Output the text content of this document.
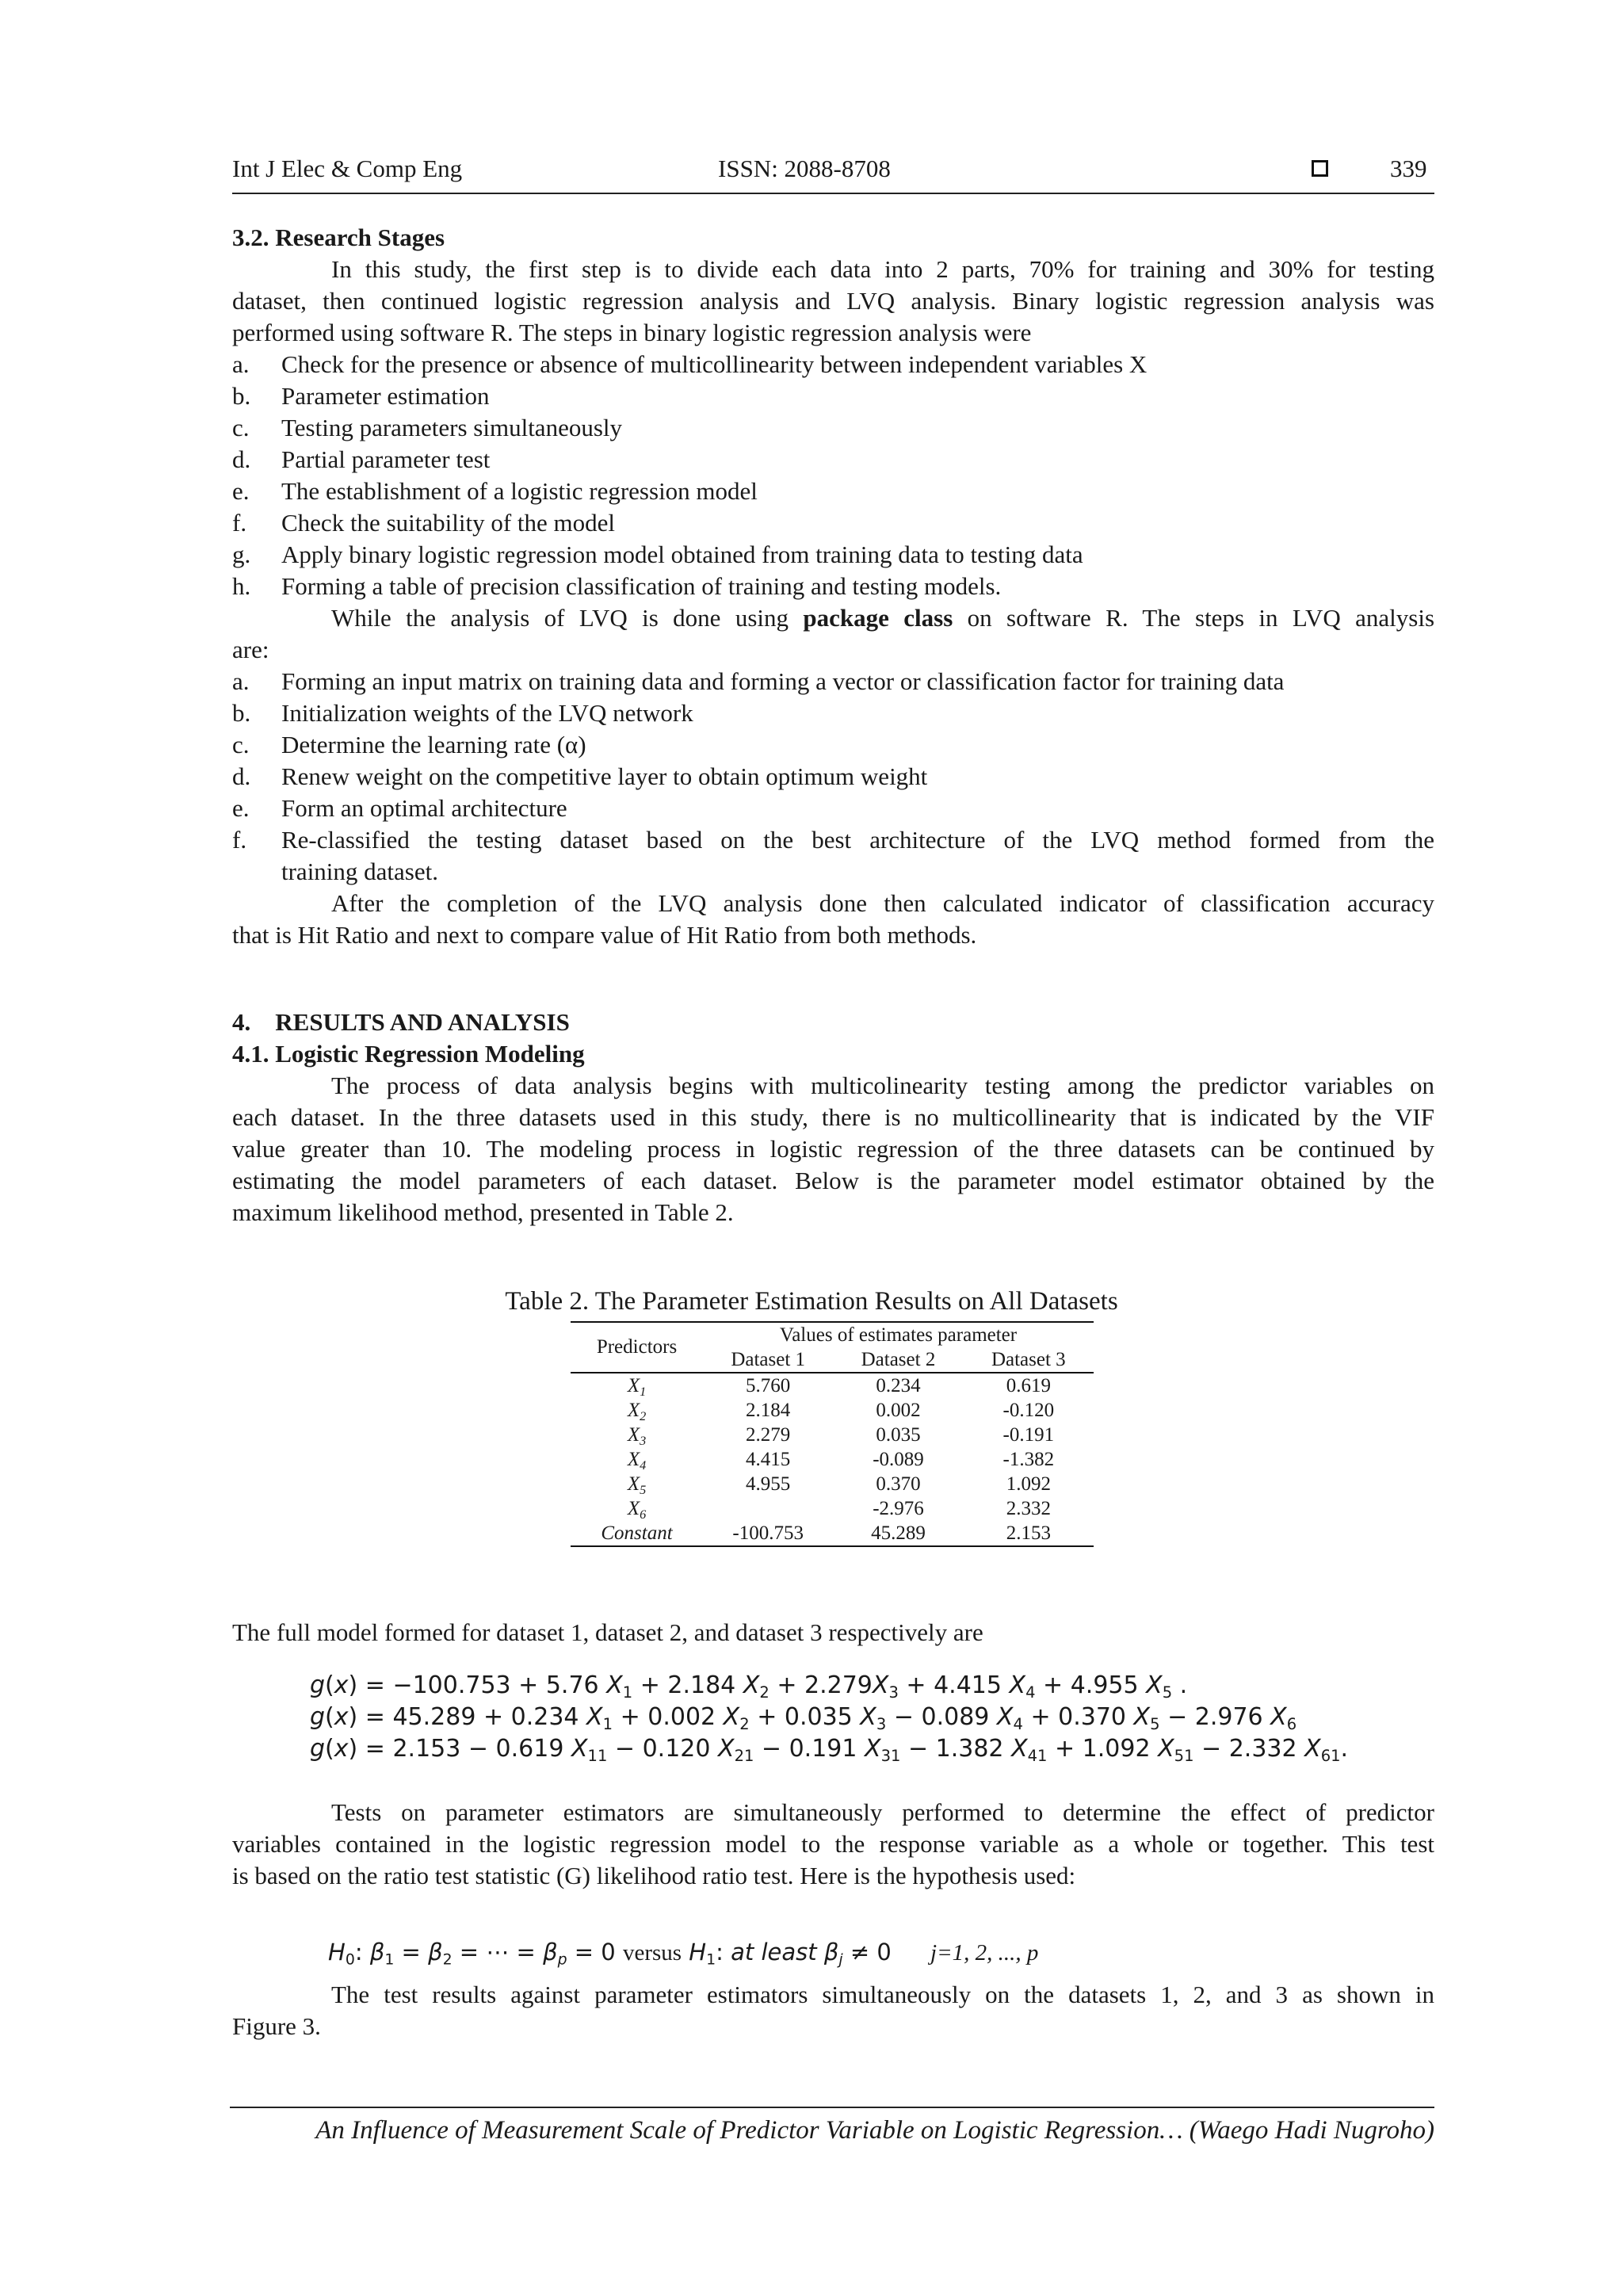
Int J Elec & Comp Eng	ISSN: 2088-8708	339
3.2. Research Stages
In this study, the first step is to divide each data into 2 parts, 70% for training and 30% for testing
dataset, then continued logistic regression analysis and LVQ analysis. Binary logistic regression analysis was
performed using software R. The steps in binary logistic regression analysis were
a. Check for the presence or absence of multicollinearity between independent variables X
b. Parameter estimation
c. Testing parameters simultaneously
d. Partial parameter test
e. The establishment of a logistic regression model
f. Check the suitability of the model
g. Apply binary logistic regression model obtained from training data to testing data
h. Forming a table of precision classification of training and testing models.
While the analysis of LVQ is done using package class on software R. The steps in LVQ analysis
are:
a. Forming an input matrix on training data and forming a vector or classification factor for training data
b. Initialization weights of the LVQ network
c. Determine the learning rate (α)
d. Renew weight on the competitive layer to obtain optimum weight
e. Form an optimal architecture
f. Re-classified the testing dataset based on the best architecture of the LVQ method formed from the
training dataset.
After the completion of the LVQ analysis done then calculated indicator of classification accuracy
that is Hit Ratio and next to compare value of Hit Ratio from both methods.
4.    RESULTS AND ANALYSIS
4.1. Logistic Regression Modeling
The process of data analysis begins with multicolinearity testing among the predictor variables on
each dataset. In the three datasets used in this study, there is no multicollinearity that is indicated by the VIF
value greater than 10. The modeling process in logistic regression of the three datasets can be continued by
estimating the model parameters of each dataset. Below is the parameter model estimator obtained by the
maximum likelihood method, presented in Table 2.
Table 2. The Parameter Estimation Results on All Datasets
Predictors	Values of estimates parameter		
	Dataset 1	Dataset 2	Dataset 3
$X_1$	5.760	0.234	0.619
$X_2$	2.184	0.002	-0.120
$X_3$	2.279	0.035	-0.191
$X_4$	4.415	-0.089	-1.382
$X_5$	4.955	0.370	1.092
$X_6$		-2.976	2.332
Constant	-100.753	45.289	2.153
The full model formed for dataset 1, dataset 2, and dataset 3 respectively are
g(x) = −100.753 + 5.76 $X_1 + 2.184$ $X_2 + 2.279X_3 + 4.415$ $X_4 + 4.955$ $X_5$ .
g(x) = 45.289 + 0.234 $X_1 + 0.002$ $X_2 + 0.035$ $X_3 - 0.089$ $X_4 + 0.370$ $X_5 - 2.976$ $X_6$
g(x) = 2.153 − 0.619 $X_{11} - 0.120$ $X_{21} - 0.191$ $X_{31} - 1.382$ $X_{41} + 1.092$ $X_{51} - 2.332$ $X_{61}$.
Tests on parameter estimators are simultaneously performed to determine the effect of predictor
variables contained in the logistic regression model to the response variable as a whole or together. This test
is based on the ratio test statistic (G) likelihood ratio test. Here is the hypothesis used:
$H_0$: $\beta_1 = \beta_2$ = ⋯ = $\beta_p = 0$ versus $H_1$: at least $\beta_j \ne 0$ j=1, 2, ..., p
The test results against parameter estimators simultaneously on the datasets 1, 2, and 3 as shown in
Figure 3.
An Influence of Measurement Scale of Predictor Variable on Logistic Regression… (Waego Hadi Nugroho)
